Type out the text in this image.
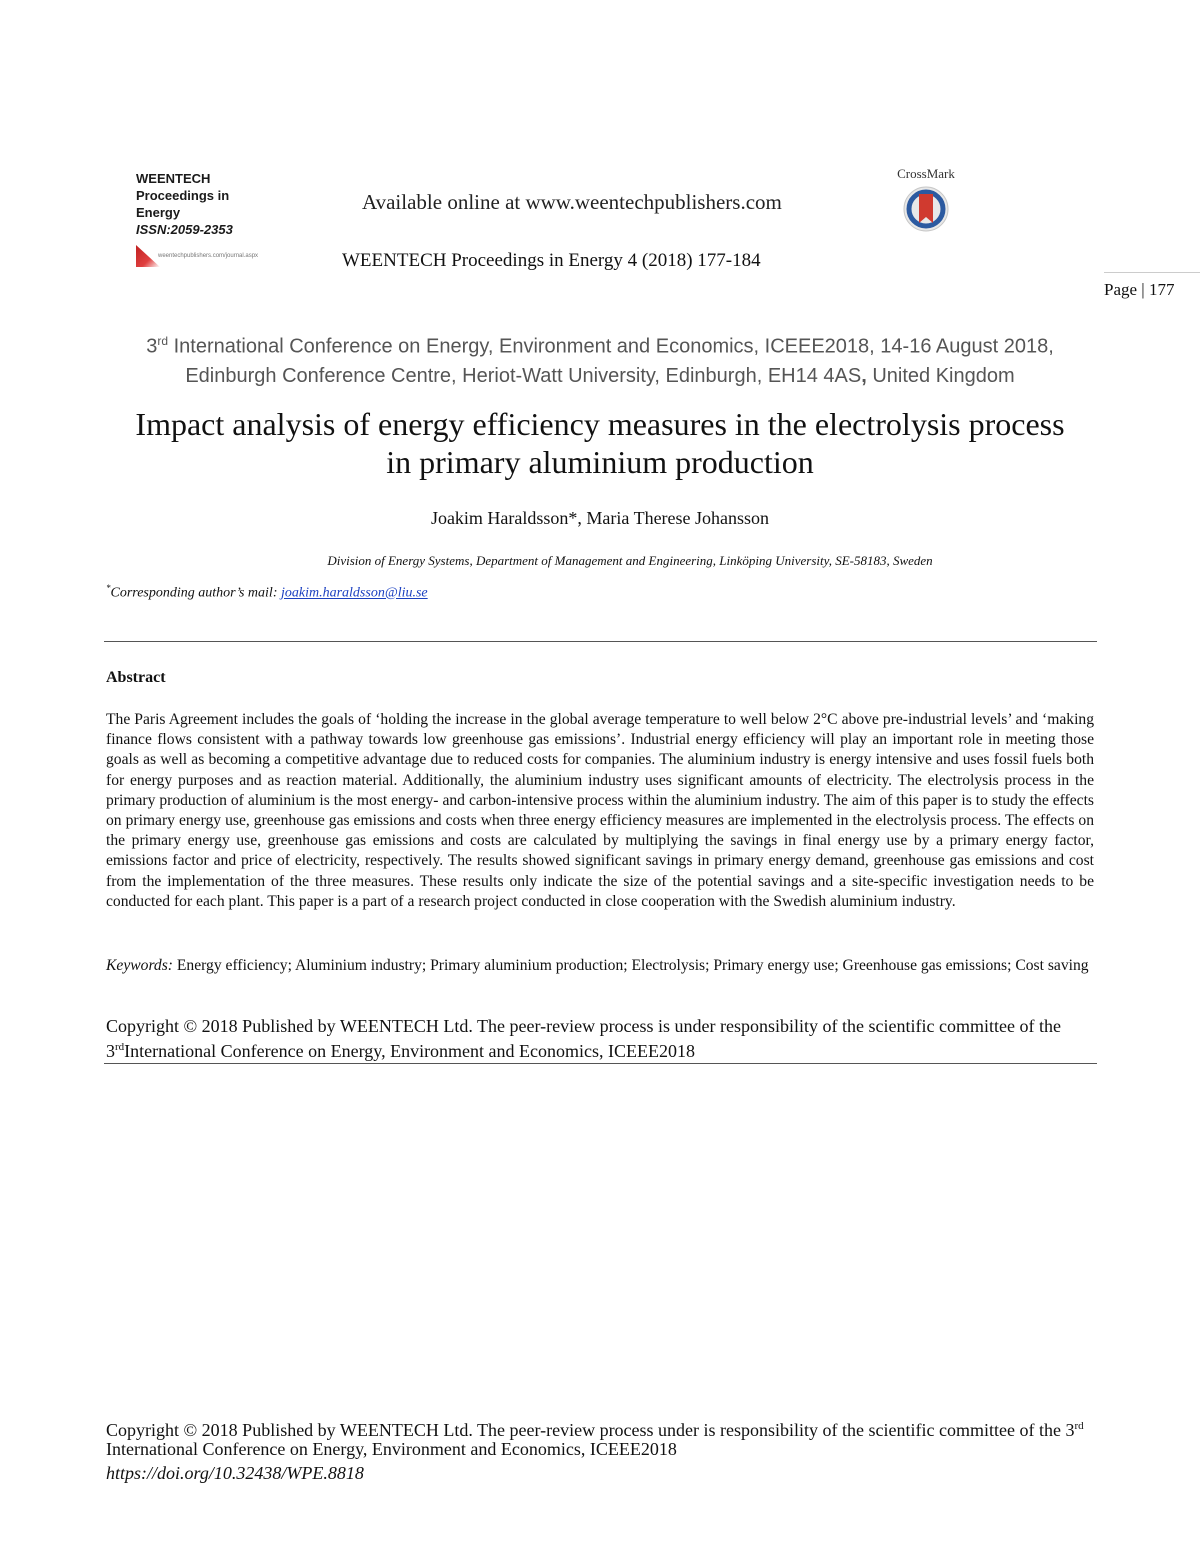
WEENTECH
Proceedings in
Energy
ISSN:2059-2353
weentechpublishers.com/journal.aspx
Available online at www.weentechpublishers.com
CrossMark
WEENTECH Proceedings in Energy 4 (2018) 177-184
Page | 177
3rd International Conference on Energy, Environment and Economics, ICEEE2018, 14-16 August 2018,
Edinburgh Conference Centre, Heriot-Watt University, Edinburgh, EH14 4AS, United Kingdom
Impact analysis of energy efficiency measures in the electrolysis process
in primary aluminium production
Joakim Haraldsson*, Maria Therese Johansson
Division of Energy Systems, Department of Management and Engineering, Linköping University, SE-58183, Sweden
*Corresponding author’s mail: joakim.haraldsson@liu.se
Abstract
The Paris Agreement includes the goals of ‘holding the increase in the global average temperature to well below 2°C above pre-industrial levels’ and ‘making finance flows consistent with a pathway towards low greenhouse gas emissions’. Industrial energy efficiency will play an important role in meeting those goals as well as becoming a competitive advantage due to reduced costs for companies. The aluminium industry is energy intensive and uses fossil fuels both for energy purposes and as reaction material. Additionally, the aluminium industry uses significant amounts of electricity. The electrolysis process in the primary production of aluminium is the most energy- and carbon-intensive process within the aluminium industry. The aim of this paper is to study the effects on primary energy use, greenhouse gas emissions and costs when three energy efficiency measures are implemented in the electrolysis process. The effects on the primary energy use, greenhouse gas emissions and costs are calculated by multiplying the savings in final energy use by a primary energy factor, emissions factor and price of electricity, respectively. The results showed significant savings in primary energy demand, greenhouse gas emissions and cost from the implementation of the three measures. These results only indicate the size of the potential savings and a site-specific investigation needs to be conducted for each plant. This paper is a part of a research project conducted in close cooperation with the Swedish aluminium industry.
Keywords: Energy efficiency; Aluminium industry; Primary aluminium production; Electrolysis; Primary energy use; Greenhouse gas emissions; Cost saving
Copyright © 2018 Published by WEENTECH Ltd. The peer-review process is under responsibility of the scientific committee of the 3rdInternational Conference on Energy, Environment and Economics, ICEEE2018
Copyright © 2018 Published by WEENTECH Ltd. The peer-review process under is responsibility of the scientific committee of the 3rd International Conference on Energy, Environment and Economics, ICEEE2018
https://doi.org/10.32438/WPE.8818
